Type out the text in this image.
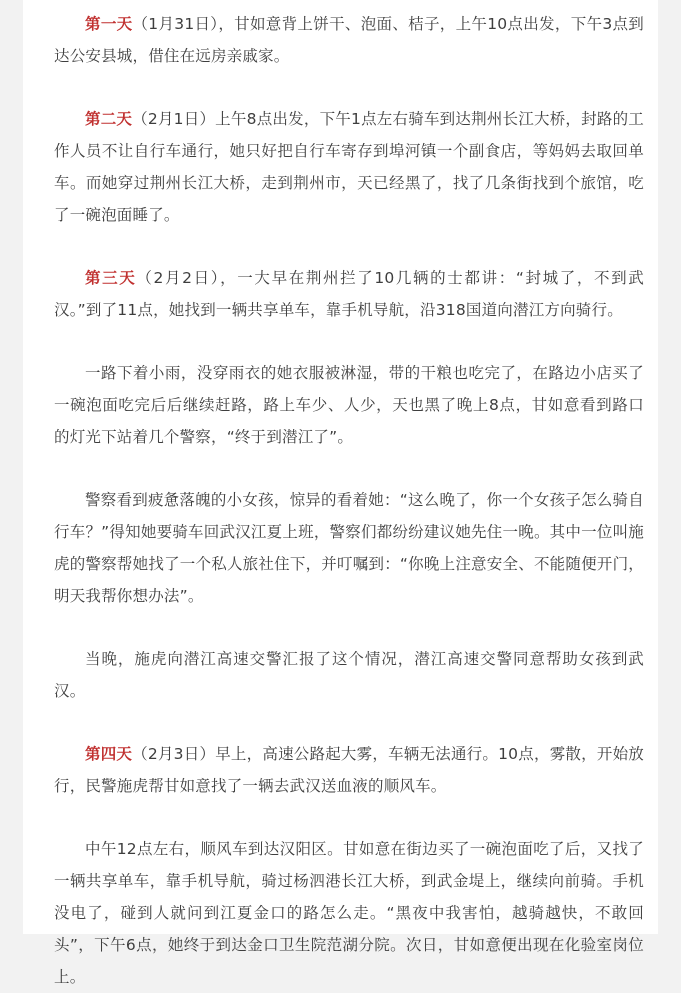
第一天（1月31日），甘如意背上饼干、泡面、桔子，上午10点出发，下午3点到达公安县城，借住在远房亲戚家。

第二天（2月1日）上午8点出发，下午1点左右骑车到达荆州长江大桥，封路的工作人员不让自行车通行，她只好把自行车寄存到埠河镇一个副食店，等妈妈去取回单车。而她穿过荆州长江大桥，走到荆州市，天已经黑了，找了几条街找到个旅馆，吃了一碗泡面睡了。

第三天（2月2日），一大早在荆州拦了10几辆的士都讲：“封城了，不到武汉。”到了11点，她找到一辆共享单车，靠手机导航，沿318国道向潜江方向骑行。

一路下着小雨，没穿雨衣的她衣服被淋湿，带的干粮也吃完了，在路边小店买了一碗泡面吃完后后继续赶路，路上车少、人少，天也黑了晚上8点，甘如意看到路口的灯光下站着几个警察，“终于到潜江了”。

警察看到疲惫落魄的小女孩，惊异的看着她：“这么晚了，你一个女孩子怎么骑自行车？”得知她要骑车回武汉江夏上班，警察们都纷纷建议她先住一晚。其中一位叫施虎的警察帮她找了一个私人旅社住下，并叮嘱到：“你晚上注意安全、不能随便开门，明天我帮你想办法”。

当晚，施虎向潜江高速交警汇报了这个情况，潜江高速交警同意帮助女孩到武汉。

第四天（2月3日）早上，高速公路起大雾，车辆无法通行。10点，雾散，开始放行，民警施虎帮甘如意找了一辆去武汉送血液的顺风车。

中午12点左右，顺风车到达汉阳区。甘如意在街边买了一碗泡面吃了后，又找了一辆共享单车，靠手机导航，骑过杨泗港长江大桥，到武金堤上，继续向前骑。手机没电了，碰到人就问到江夏金口的路怎么走。“黑夜中我害怕，越骑越快，不敢回头”，下午6点，她终于到达金口卫生院范湖分院。次日，甘如意便出现在化验室岗位上。
